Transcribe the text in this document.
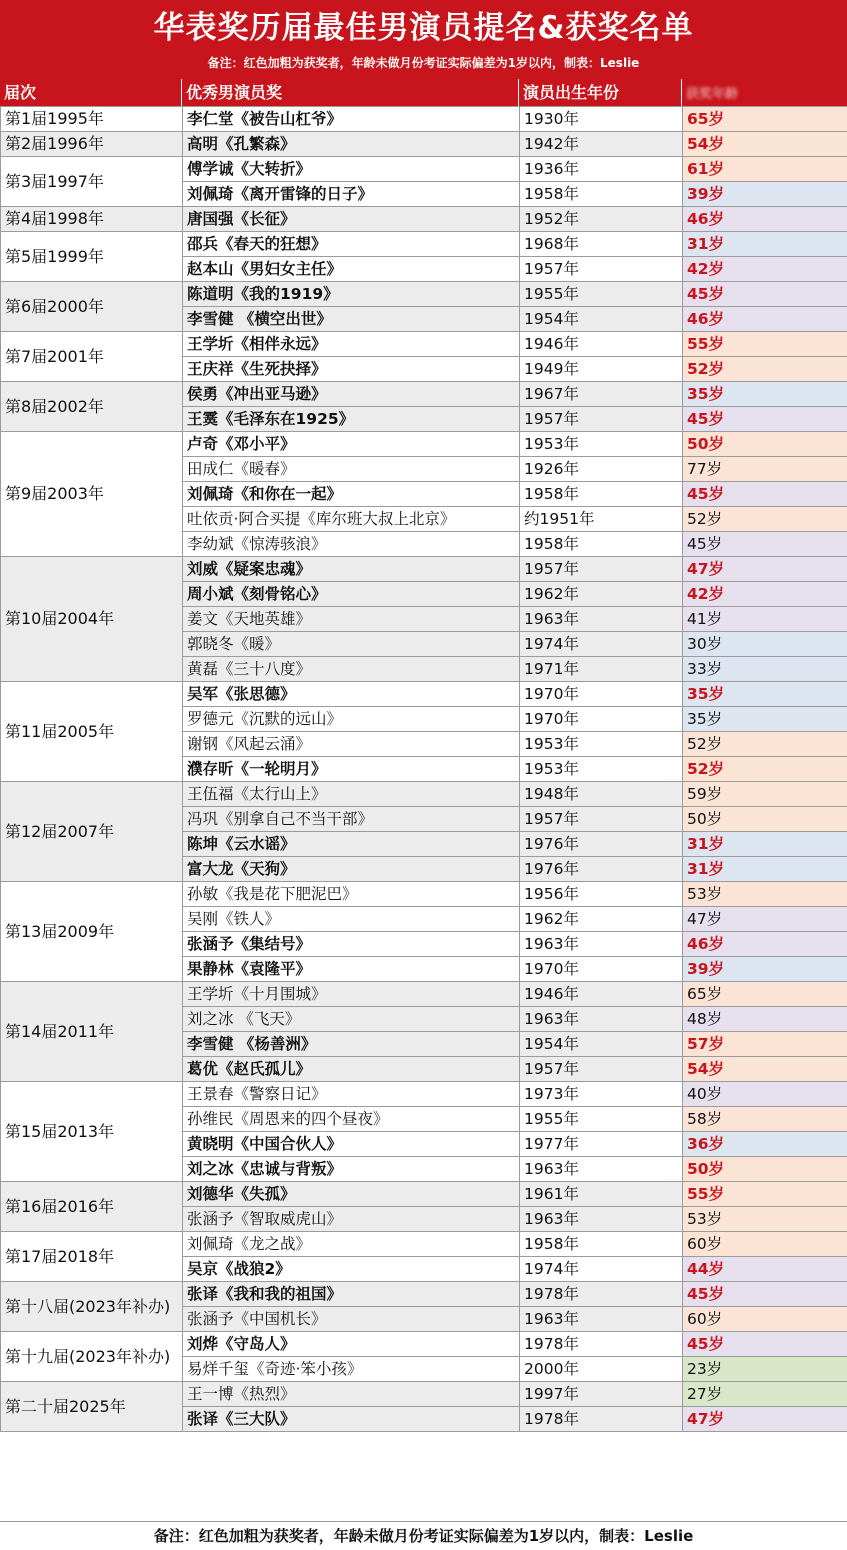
华表奖历届最佳男演员提名&获奖名单
备注：红色加粗为获奖者，年龄未做月份考证实际偏差为1岁以内，制表：Leslie
届次	优秀男演员奖	演员出生年份	获奖年龄
第1届1995年	李仁堂《被告山杠爷》	1930年	65岁
第2届1996年	高明《孔繁森》	1942年	54岁
第3届1997年	傅学诚《大转折》	1936年	61岁
	刘佩琦《离开雷锋的日子》	1958年	39岁
第4届1998年	唐国强《长征》	1952年	46岁
第5届1999年	邵兵《春天的狂想》	1968年	31岁
	赵本山《男妇女主任》	1957年	42岁
第6届2000年	陈道明《我的1919》	1955年	45岁
	李雪健 《横空出世》	1954年	46岁
第7届2001年	王学圻《相伴永远》	1946年	55岁
	王庆祥《生死抉择》	1949年	52岁
第8届2002年	侯勇《冲出亚马逊》	1967年	35岁
	王霙《毛泽东在1925》	1957年	45岁
第9届2003年	卢奇《邓小平》	1953年	50岁
	田成仁《暖春》	1926年	77岁
	刘佩琦《和你在一起》	1958年	45岁
	吐依贡·阿合买提《库尔班大叔上北京》	约1951年	52岁
	李幼斌《惊涛骇浪》	1958年	45岁
第10届2004年	刘威《疑案忠魂》	1957年	47岁
	周小斌《刻骨铭心》	1962年	42岁
	姜文《天地英雄》	1963年	41岁
	郭晓冬《暖》	1974年	30岁
	黄磊《三十八度》	1971年	33岁
第11届2005年	吴军《张思德》	1970年	35岁
	罗德元《沉默的远山》	1970年	35岁
	谢钢《风起云涌》	1953年	52岁
	濮存昕《一轮明月》	1953年	52岁
第12届2007年	王伍福《太行山上》	1948年	59岁
	冯巩《别拿自己不当干部》	1957年	50岁
	陈坤《云水谣》	1976年	31岁
	富大龙《天狗》	1976年	31岁
第13届2009年	孙敏《我是花下肥泥巴》	1956年	53岁
	吴刚《铁人》	1962年	47岁
	张涵予《集结号》	1963年	46岁
	果静林《袁隆平》	1970年	39岁
第14届2011年	王学圻《十月围城》	1946年	65岁
	刘之冰 《飞天》	1963年	48岁
	李雪健 《杨善洲》	1954年	57岁
	葛优《赵氏孤儿》	1957年	54岁
第15届2013年	王景春《警察日记》	1973年	40岁
	孙维民《周恩来的四个昼夜》	1955年	58岁
	黄晓明《中国合伙人》	1977年	36岁
	刘之冰《忠诚与背叛》	1963年	50岁
第16届2016年	刘德华《失孤》	1961年	55岁
	张涵予《智取威虎山》	1963年	53岁
第17届2018年	刘佩琦《龙之战》	1958年	60岁
	吴京《战狼2》	1974年	44岁
第十八届(2023年补办)	张译《我和我的祖国》	1978年	45岁
	张涵予《中国机长》	1963年	60岁
第十九届(2023年补办)	刘烨《守岛人》	1978年	45岁
	易烊千玺《奇迹·笨小孩》	2000年	23岁
第二十届2025年	王一博《热烈》	1997年	27岁
	张译《三大队》	1978年	47岁
备注：红色加粗为获奖者，年龄未做月份考证实际偏差为1岁以内，制表：Leslie
